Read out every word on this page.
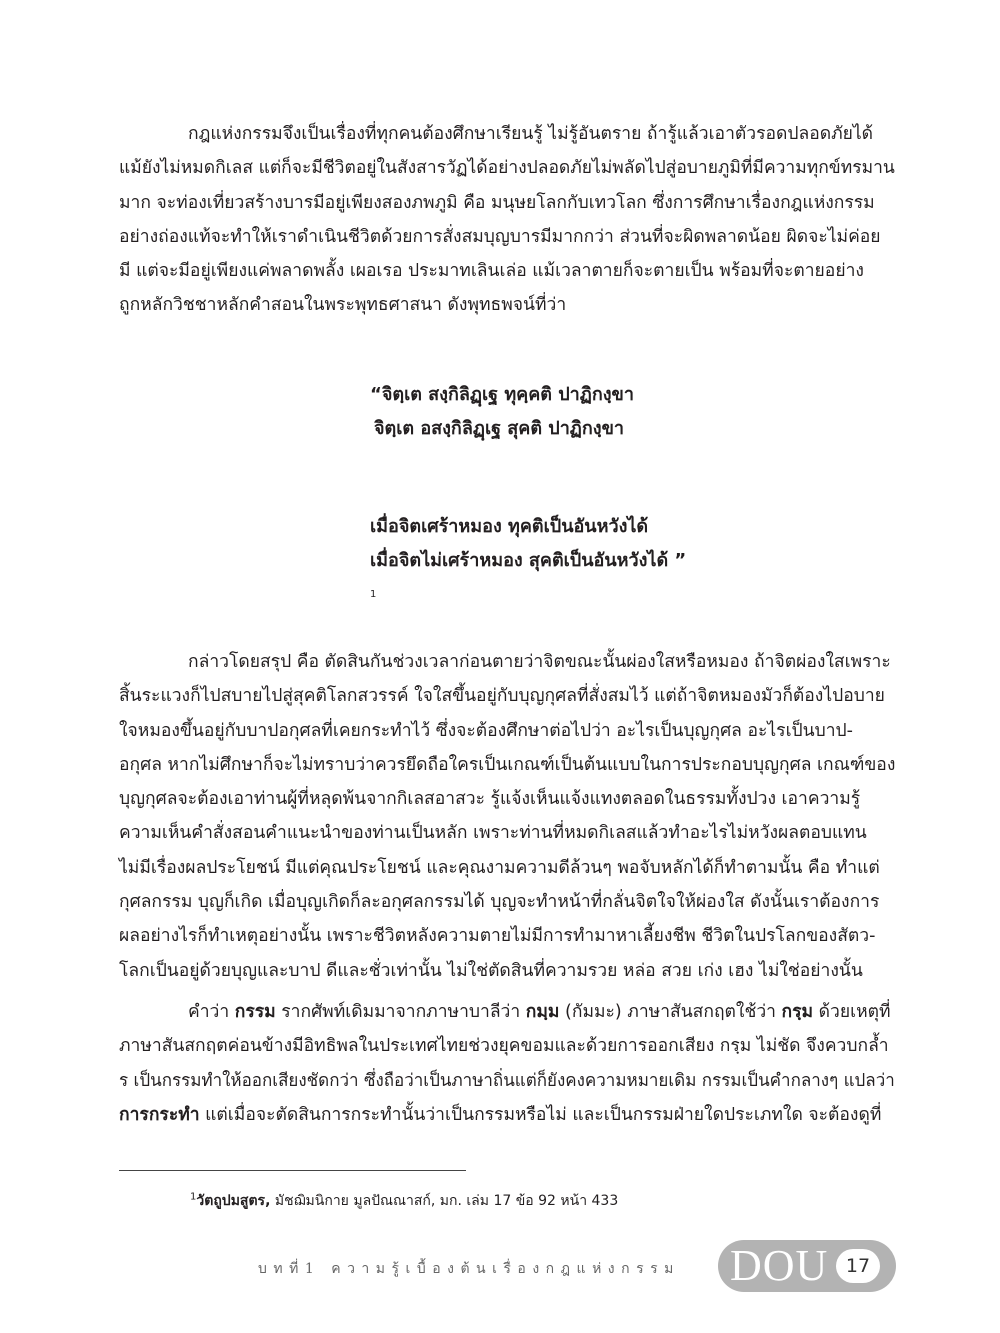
กฎแห่งกรรมจึงเป็นเรื่องที่ทุกคนต้องศึกษาเรียนรู้ ไม่รู้อันตราย ถ้ารู้แล้วเอาตัวรอดปลอดภัยได้
แม้ยังไม่หมดกิเลส แต่ก็จะมีชีวิตอยู่ในสังสารวัฏได้อย่างปลอดภัยไม่พลัดไปสู่อบายภูมิที่มีความทุกข์ทรมาน
มาก จะท่องเที่ยวสร้างบารมีอยู่เพียงสองภพภูมิ คือ มนุษยโลกกับเทวโลก ซึ่งการศึกษาเรื่องกฎแห่งกรรม
อย่างถ่องแท้จะทำให้เราดำเนินชีวิตด้วยการสั่งสมบุญบารมีมากกว่า ส่วนที่จะผิดพลาดน้อย ผิดจะไม่ค่อย
มี แต่จะมีอยู่เพียงแค่พลาดพลั้ง เผอเรอ ประมาทเลินเล่อ แม้เวลาตายก็จะตายเป็น พร้อมที่จะตายอย่าง
ถูกหลักวิชชาหลักคำสอนในพระพุทธศาสนา ดังพุทธพจน์ที่ว่า
“จิตฺเต สงฺกิลิฏฺเฐ ทุคฺคติ ปาฏิกงฺขา
จิตฺเต อสงฺกิลิฏฺเฐ สุคติ ปาฏิกงฺขา
เมื่อจิตเศร้าหมอง ทุคติเป็นอันหวังได้
เมื่อจิตไม่เศร้าหมอง สุคติเป็นอันหวังได้ ”
1
กล่าวโดยสรุป คือ ตัดสินกันช่วงเวลาก่อนตายว่าจิตขณะนั้นผ่องใสหรือหมอง ถ้าจิตผ่องใสเพราะ
สิ้นระแวงก็ไปสบายไปสู่สุคติโลกสวรรค์ ใจใสขึ้นอยู่กับบุญกุศลที่สั่งสมไว้ แต่ถ้าจิตหมองมัวก็ต้องไปอบาย
ใจหมองขึ้นอยู่กับบาปอกุศลที่เคยกระทำไว้ ซึ่งจะต้องศึกษาต่อไปว่า อะไรเป็นบุญกุศล อะไรเป็นบาป-
อกุศล หากไม่ศึกษาก็จะไม่ทราบว่าควรยึดถือใครเป็นเกณฑ์เป็นต้นแบบในการประกอบบุญกุศล เกณฑ์ของ
บุญกุศลจะต้องเอาท่านผู้ที่หลุดพ้นจากกิเลสอาสวะ รู้แจ้งเห็นแจ้งแทงตลอดในธรรมทั้งปวง เอาความรู้
ความเห็นคำสั่งสอนคำแนะนำของท่านเป็นหลัก เพราะท่านที่หมดกิเลสแล้วทำอะไรไม่หวังผลตอบแทน
ไม่มีเรื่องผลประโยชน์ มีแต่คุณประโยชน์ และคุณงามความดีล้วนๆ พอจับหลักได้ก็ทำตามนั้น คือ ทำแต่
กุศลกรรม บุญก็เกิด เมื่อบุญเกิดก็ละอกุศลกรรมได้ บุญจะทำหน้าที่กลั่นจิตใจให้ผ่องใส ดังนั้นเราต้องการ
ผลอย่างไรก็ทำเหตุอย่างนั้น เพราะชีวิตหลังความตายไม่มีการทำมาหาเลี้ยงชีพ ชีวิตในปรโลกของสัตว-
โลกเป็นอยู่ด้วยบุญและบาป ดีและชั่วเท่านั้น ไม่ใช่ตัดสินที่ความรวย หล่อ สวย เก่ง เฮง ไม่ใช่อย่างนั้น
คำว่า กรรม รากศัพท์เดิมมาจากภาษาบาลีว่า กมฺม (กัมมะ) ภาษาสันสกฤตใช้ว่า กรฺม ด้วยเหตุที่
ภาษาสันสกฤตค่อนข้างมีอิทธิพลในประเทศไทยช่วงยุคขอมและด้วยการออกเสียง กรฺม ไม่ชัด จึงควบกล้ำ
ร เป็นกรรมทำให้ออกเสียงชัดกว่า ซึ่งถือว่าเป็นภาษาถิ่นแต่ก็ยังคงความหมายเดิม กรรมเป็นคำกลางๆ แปลว่า
การกระทำ แต่เมื่อจะตัดสินการกระทำนั้นว่าเป็นกรรมหรือไม่ และเป็นกรรมฝ่ายใดประเภทใด จะต้องดูที่
$^1$วัตถูปมสูตร, มัชฌิมนิกาย มูลปัณณาสก์, มก. เล่ม 17 ข้อ 92 หน้า 433
บทที่1 ความรู้เบื้องต้นเรื่องกฎแห่งกรรม DOU 17
